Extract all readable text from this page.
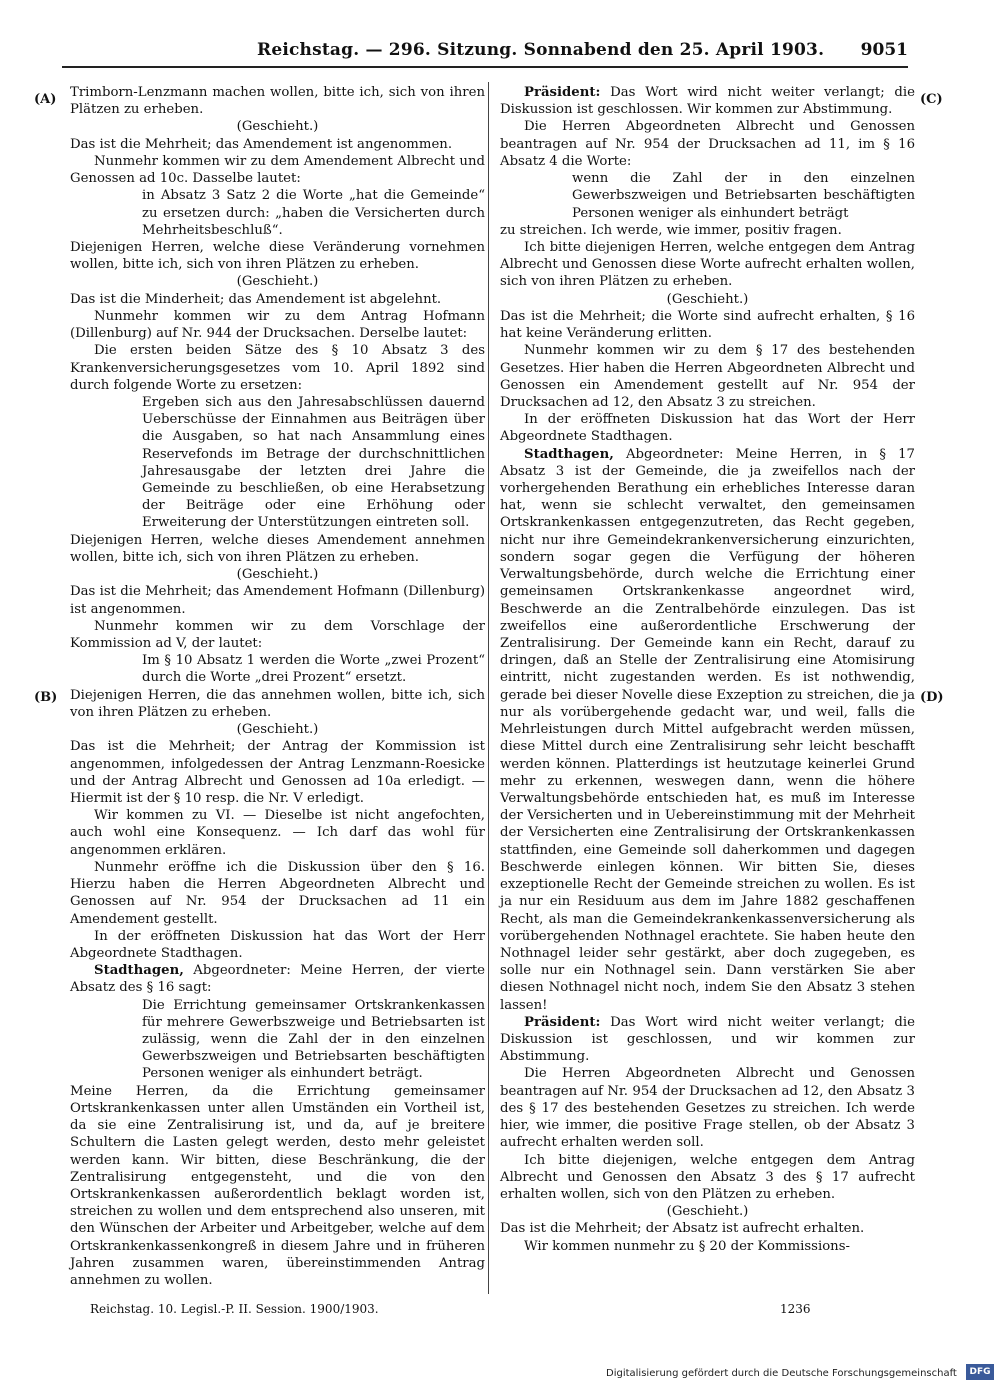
Reichstag. — 296. Sitzung. Sonnabend den 25. April 1903. 9051
(A)
(B)
(C)
(D)

Trimborn-Lenzmann machen wollen, bitte ich, sich von ihren Plätzen zu erheben.

(Geschieht.)

Das ist die Mehrheit; das Amendement ist angenommen.

Nunmehr kommen wir zu dem Amendement Albrecht und Genossen ad 10c. Dasselbe lautet:

in Absatz 3 Satz 2 die Worte „hat die Gemeinde“ zu ersetzen durch: „haben die Versicherten durch Mehrheitsbeschluß“.

Diejenigen Herren, welche diese Veränderung vornehmen wollen, bitte ich, sich von ihren Plätzen zu erheben.

(Geschieht.)

Das ist die Minderheit; das Amendement ist abgelehnt.

Nunmehr kommen wir zu dem Antrag Hofmann (Dillenburg) auf Nr. 944 der Drucksachen. Derselbe lautet:

Die ersten beiden Sätze des § 10 Absatz 3 des Krankenversicherungsgesetzes vom 10. April 1892 sind durch folgende Worte zu ersetzen:

Ergeben sich aus den Jahresabschlüssen dauernd Ueberschüsse der Einnahmen aus Beiträgen über die Ausgaben, so hat nach Ansammlung eines Reservefonds im Betrage der durchschnittlichen Jahresausgabe der letzten drei Jahre die Gemeinde zu beschließen, ob eine Herabsetzung der Beiträge oder eine Erhöhung oder Erweiterung der Unterstützungen eintreten soll.

Diejenigen Herren, welche dieses Amendement annehmen wollen, bitte ich, sich von ihren Plätzen zu erheben.

(Geschieht.)

Das ist die Mehrheit; das Amendement Hofmann (Dillenburg) ist angenommen.

Nunmehr kommen wir zu dem Vorschlage der Kommission ad V, der lautet:

Im § 10 Absatz 1 werden die Worte „zwei Prozent“ durch die Worte „drei Prozent“ ersetzt.

Diejenigen Herren, die das annehmen wollen, bitte ich, sich von ihren Plätzen zu erheben.

(Geschieht.)

Das ist die Mehrheit; der Antrag der Kommission ist angenommen, infolgedessen der Antrag Lenzmann-Roesicke und der Antrag Albrecht und Genossen ad 10a erledigt. — Hiermit ist der § 10 resp. die Nr. V erledigt.

Wir kommen zu VI. — Dieselbe ist nicht angefochten, auch wohl eine Konsequenz. — Ich darf das wohl für angenommen erklären.

Nunmehr eröffne ich die Diskussion über den § 16. Hierzu haben die Herren Abgeordneten Albrecht und Genossen auf Nr. 954 der Drucksachen ad 11 ein Amendement gestellt.

In der eröffneten Diskussion hat das Wort der Herr Abgeordnete Stadthagen.

Stadthagen, Abgeordneter: Meine Herren, der vierte Absatz des § 16 sagt:

Die Errichtung gemeinsamer Ortskrankenkassen für mehrere Gewerbszweige und Betriebsarten ist zulässig, wenn die Zahl der in den einzelnen Gewerbszweigen und Betriebsarten beschäftigten Personen weniger als einhundert beträgt.

Meine Herren, da die Errichtung gemeinsamer Ortskrankenkassen unter allen Umständen ein Vortheil ist, da sie eine Zentralisirung ist, und da, auf je breitere Schultern die Lasten gelegt werden, desto mehr geleistet werden kann. Wir bitten, diese Beschränkung, die der Zentralisirung entgegensteht, und die von den Ortskrankenkassen außerordentlich beklagt worden ist, streichen zu wollen und dem entsprechend also unseren, mit den Wünschen der Arbeiter und Arbeitgeber, welche auf dem Ortskrankenkassenkongreß in diesem Jahre und in früheren Jahren zusammen waren, übereinstimmenden Antrag annehmen zu wollen.

Präsident: Das Wort wird nicht weiter verlangt; die Diskussion ist geschlossen. Wir kommen zur Abstimmung.

Die Herren Abgeordneten Albrecht und Genossen beantragen auf Nr. 954 der Drucksachen ad 11, im § 16 Absatz 4 die Worte:

wenn die Zahl der in den einzelnen Gewerbszweigen und Betriebsarten beschäftigten Personen weniger als einhundert beträgt

zu streichen. Ich werde, wie immer, positiv fragen.

Ich bitte diejenigen Herren, welche entgegen dem Antrag Albrecht und Genossen diese Worte aufrecht erhalten wollen, sich von ihren Plätzen zu erheben.

(Geschieht.)

Das ist die Mehrheit; die Worte sind aufrecht erhalten, § 16 hat keine Veränderung erlitten.

Nunmehr kommen wir zu dem § 17 des bestehenden Gesetzes. Hier haben die Herren Abgeordneten Albrecht und Genossen ein Amendement gestellt auf Nr. 954 der Drucksachen ad 12, den Absatz 3 zu streichen.

In der eröffneten Diskussion hat das Wort der Herr Abgeordnete Stadthagen.

Stadthagen, Abgeordneter: Meine Herren, in § 17 Absatz 3 ist der Gemeinde, die ja zweifellos nach der vorhergehenden Berathung ein erhebliches Interesse daran hat, wenn sie schlecht verwaltet, den gemeinsamen Ortskrankenkassen entgegenzutreten, das Recht gegeben, nicht nur ihre Gemeindekrankenversicherung einzurichten, sondern sogar gegen die Verfügung der höheren Verwaltungsbehörde, durch welche die Errichtung einer gemeinsamen Ortskrankenkasse angeordnet wird, Beschwerde an die Zentralbehörde einzulegen. Das ist zweifellos eine außerordentliche Erschwerung der Zentralisirung. Der Gemeinde kann ein Recht, darauf zu dringen, daß an Stelle der Zentralisirung eine Atomisirung eintritt, nicht zugestanden werden. Es ist nothwendig, gerade bei dieser Novelle diese Exzeption zu streichen, die ja nur als vorübergehende gedacht war, und weil, falls die Mehrleistungen durch Mittel aufgebracht werden müssen, diese Mittel durch eine Zentralisirung sehr leicht beschafft werden können. Platterdings ist heutzutage keinerlei Grund mehr zu erkennen, weswegen dann, wenn die höhere Verwaltungsbehörde entschieden hat, es muß im Interesse der Versicherten und in Uebereinstimmung mit der Mehrheit der Versicherten eine Zentralisirung der Ortskrankenkassen stattfinden, eine Gemeinde soll daherkommen und dagegen Beschwerde einlegen können. Wir bitten Sie, dieses exzeptionelle Recht der Gemeinde streichen zu wollen. Es ist ja nur ein Residuum aus dem im Jahre 1882 geschaffenen Recht, als man die Gemeindekrankenkassenversicherung als vorübergehenden Nothnagel erachtete. Sie haben heute den Nothnagel leider sehr gestärkt, aber doch zugegeben, es solle nur ein Nothnagel sein. Dann verstärken Sie aber diesen Nothnagel nicht noch, indem Sie den Absatz 3 stehen lassen!

Präsident: Das Wort wird nicht weiter verlangt; die Diskussion ist geschlossen, und wir kommen zur Abstimmung.

Die Herren Abgeordneten Albrecht und Genossen beantragen auf Nr. 954 der Drucksachen ad 12, den Absatz 3 des § 17 des bestehenden Gesetzes zu streichen. Ich werde hier, wie immer, die positive Frage stellen, ob der Absatz 3 aufrecht erhalten werden soll.

Ich bitte diejenigen, welche entgegen dem Antrag Albrecht und Genossen den Absatz 3 des § 17 aufrecht erhalten wollen, sich von den Plätzen zu erheben.

(Geschieht.)

Das ist die Mehrheit; der Absatz ist aufrecht erhalten.

Wir kommen nunmehr zu § 20 der Kommissions-

Reichstag. 10. Legisl.-P. II. Session. 1900/1903.	1236
Digitalisierung gefördert durch die Deutsche Forschungsgemeinschaft	DFG
